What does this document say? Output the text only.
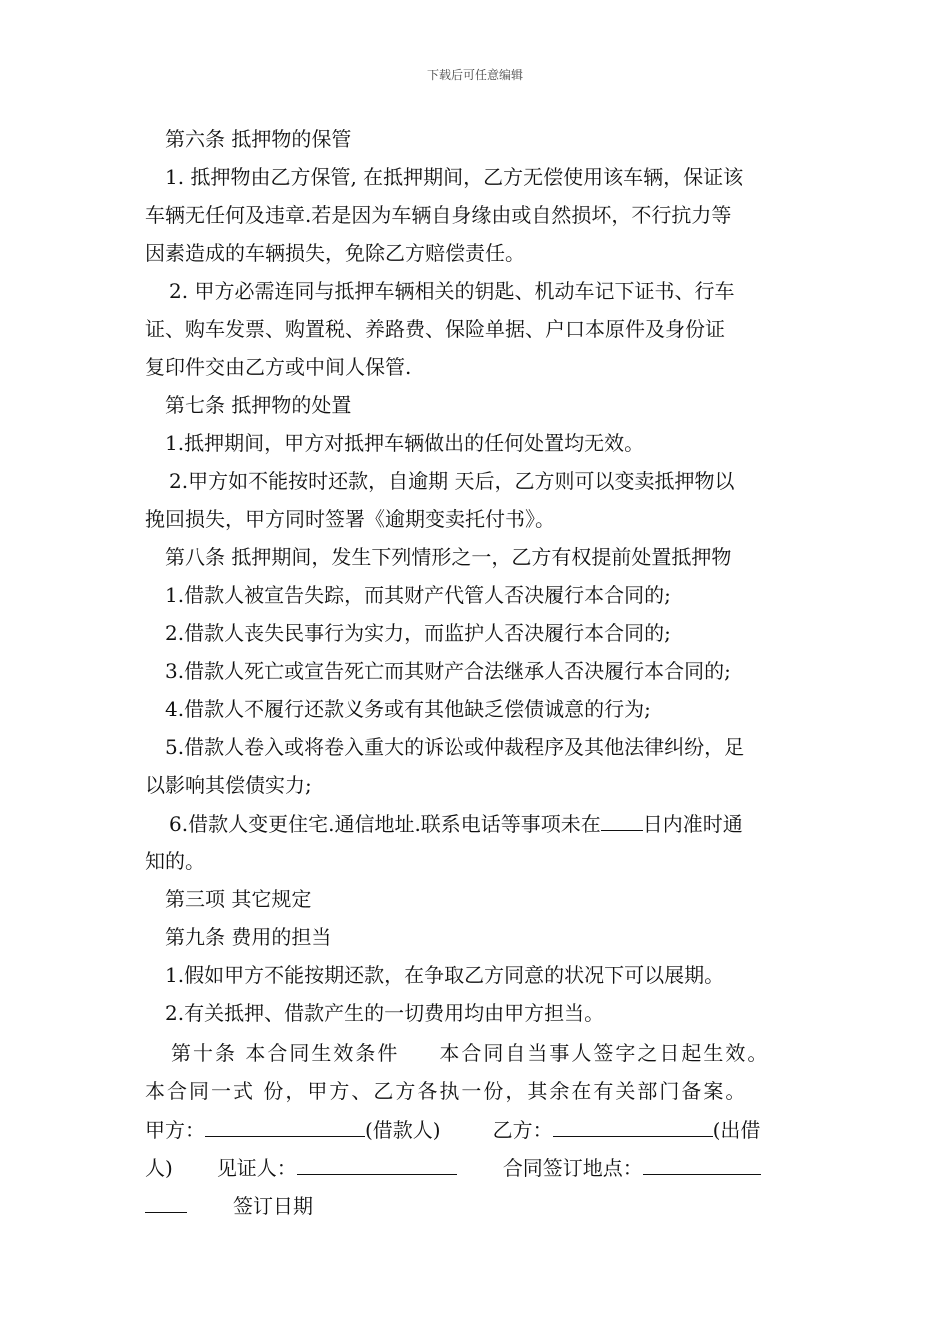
下载后可任意编辑
第六条 抵押物的保管
1. 抵押物由乙方保管, 在抵押期间，乙方无偿使用该车辆，保证该
车辆无任何及违章.若是因为车辆自身缘由或自然损坏，不行抗力等
因素造成的车辆损失，免除乙方赔偿责任。
2. 甲方必需连同与抵押车辆相关的钥匙、机动车记下证书、行车
证、购车发票、购置税、养路费、保险单据、户口本原件及身份证
复印件交由乙方或中间人保管.
第七条 抵押物的处置
1.抵押期间，甲方对抵押车辆做出的任何处置均无效。
2.甲方如不能按时还款，自逾期 天后，乙方则可以变卖抵押物以
挽回损失，甲方同时签署《逾期变卖托付书》。
第八条 抵押期间，发生下列情形之一，乙方有权提前处置抵押物
1.借款人被宣告失踪，而其财产代管人否决履行本合同的;
2.借款人丧失民事行为实力，而监护人否决履行本合同的;
3.借款人死亡或宣告死亡而其财产合法继承人否决履行本合同的;
4.借款人不履行还款义务或有其他缺乏偿债诚意的行为;
5.借款人卷入或将卷入重大的诉讼或仲裁程序及其他法律纠纷，足
以影响其偿债实力;
6.借款人变更住宅.通信地址.联系电话等事项未在 日内准时通
知的。
第三项 其它规定
第九条 费用的担当
1.假如甲方不能按期还款，在争取乙方同意的状况下可以展期。
2.有关抵押、借款产生的一切费用均由甲方担当。
第十条 本合同生效条件 本合同自当事人签字之日起生效。
本合同一式 份，甲方、乙方各执一份，其余在有关部门备案。
甲方：	(借款人)	乙方：	(出借
人) 见证人：	合同签订地点：
签订日期
